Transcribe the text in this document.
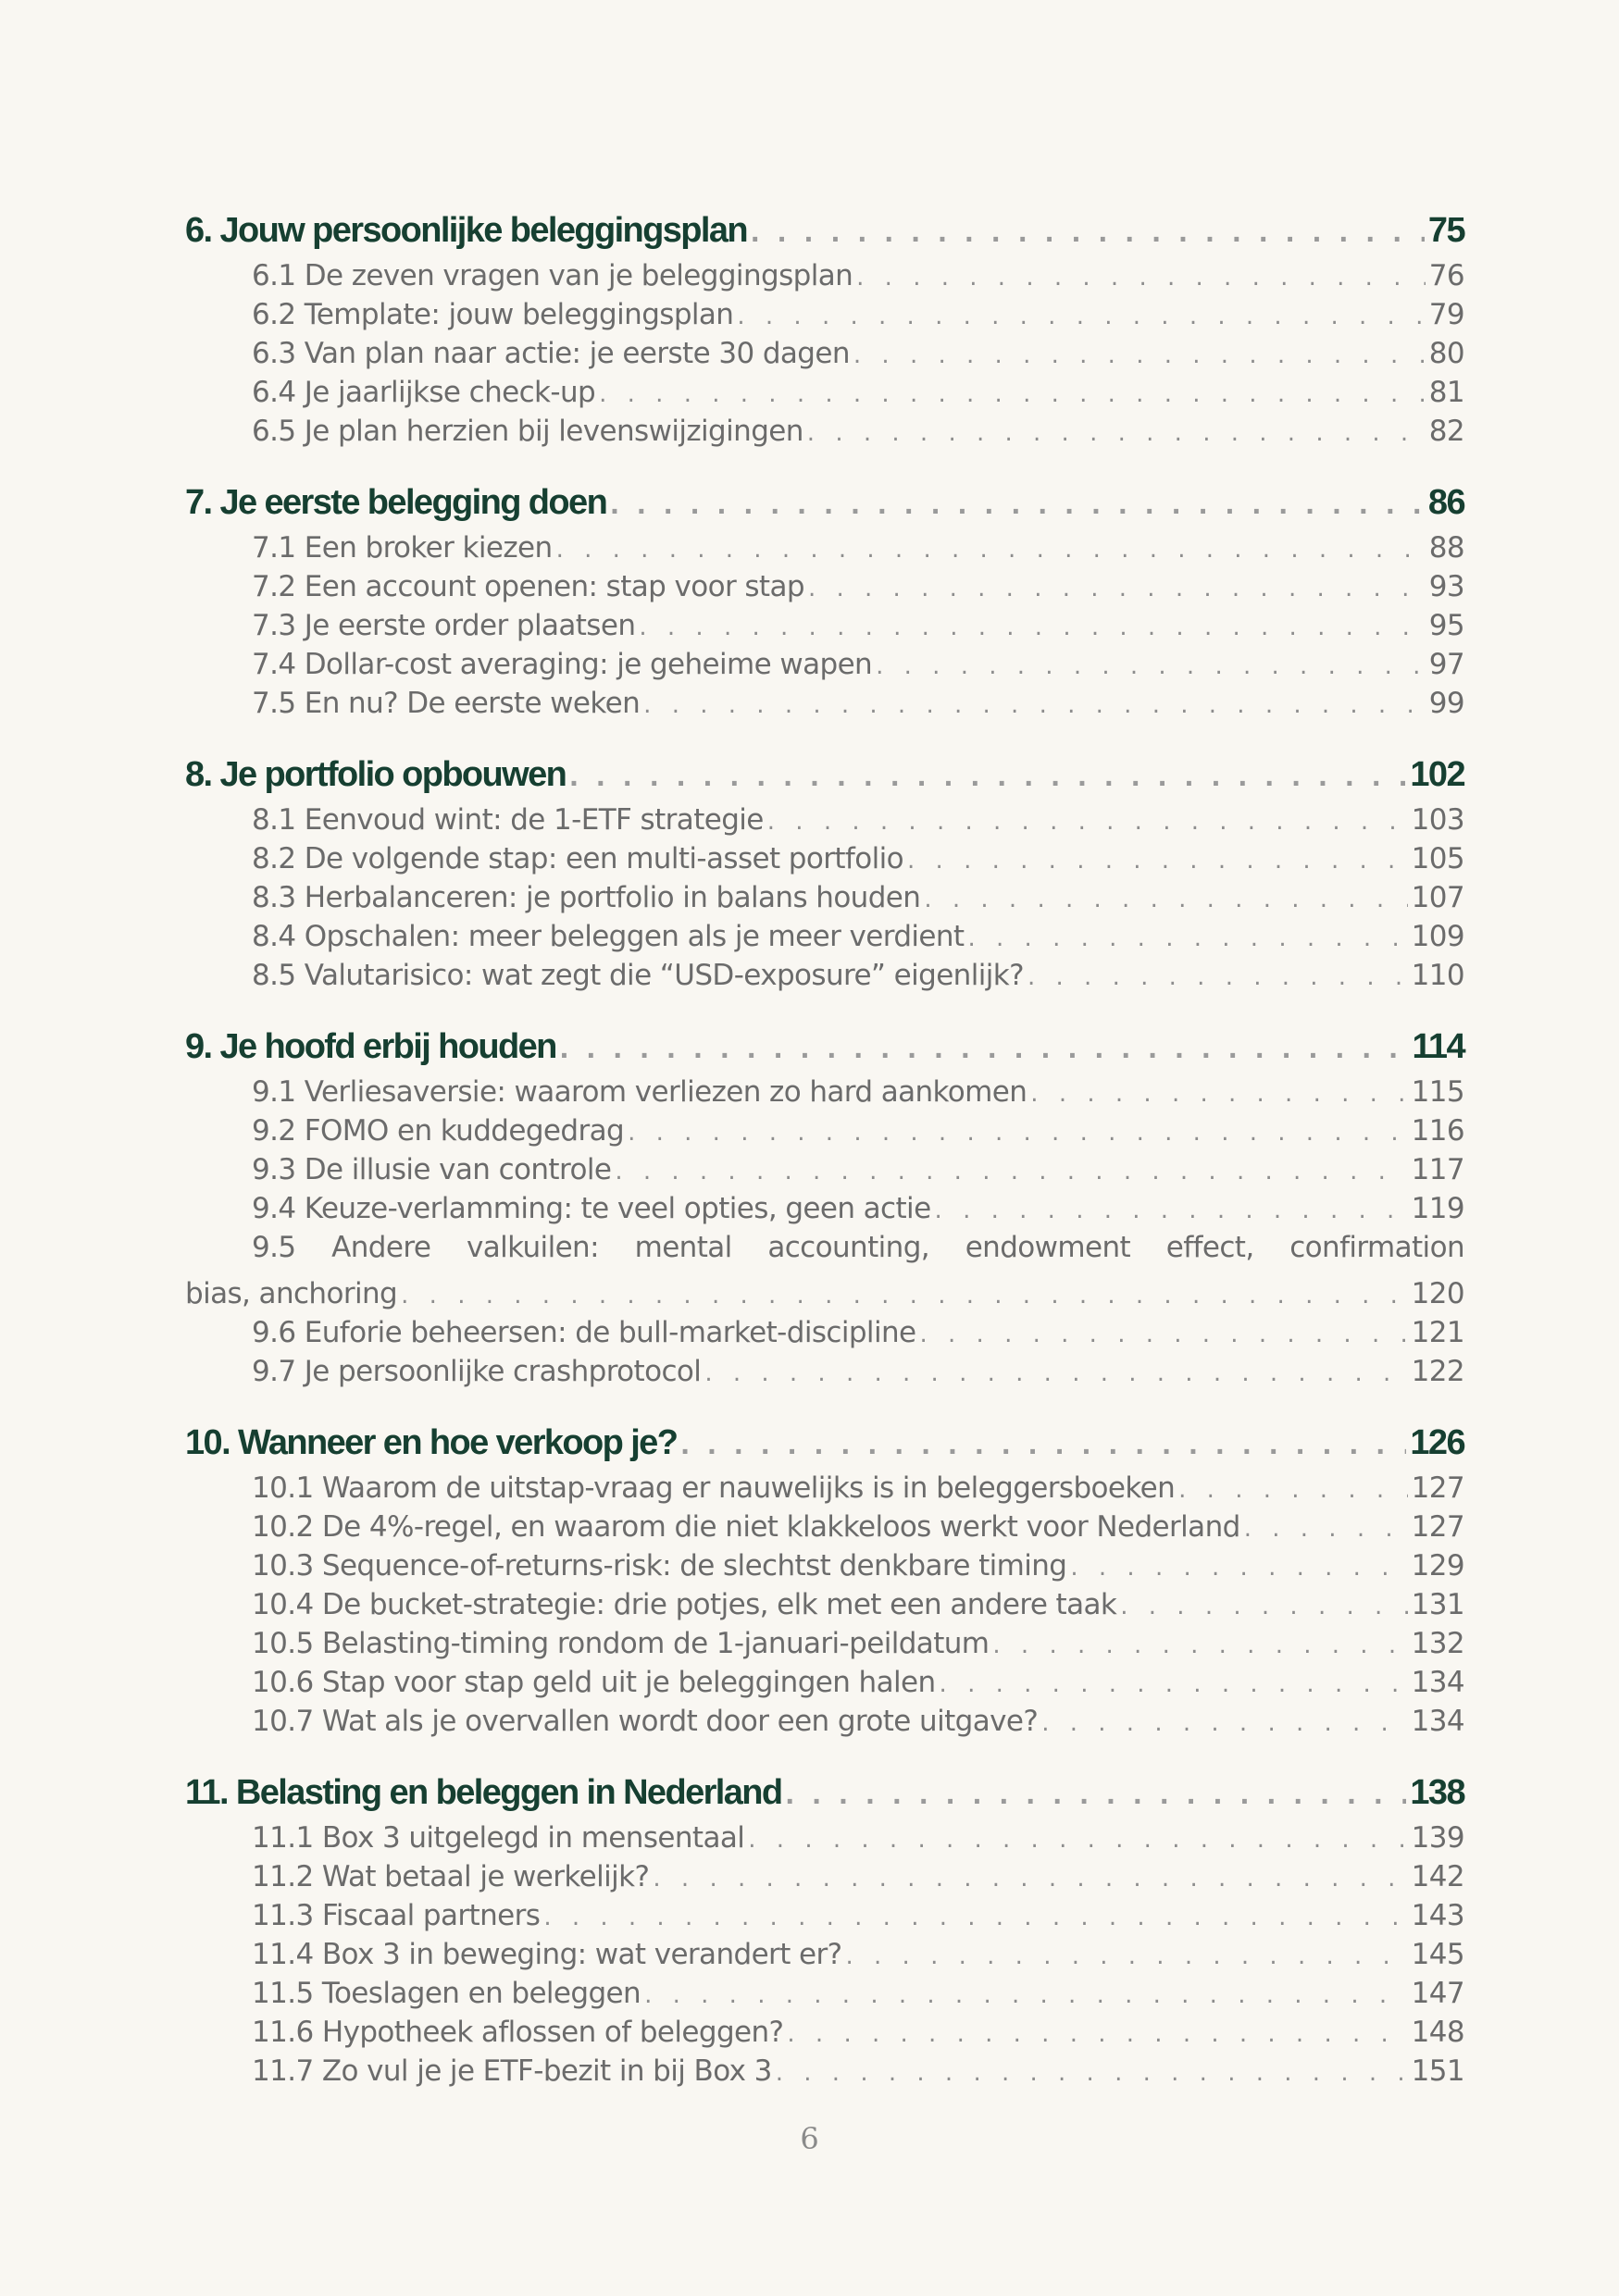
6. Jouw persoonlijke beleggingsplan . . .	75
6.1 De zeven vragen van je beleggingsplan . . .	76
6.2 Template: jouw beleggingsplan . . .	79
6.3 Van plan naar actie: je eerste 30 dagen . . .	80
6.4 Je jaarlijkse check-up . . .	81
6.5 Je plan herzien bij levenswijzigingen . . .	82
7. Je eerste belegging doen . . .	86
7.1 Een broker kiezen . . .	88
7.2 Een account openen: stap voor stap . . .	93
7.3 Je eerste order plaatsen . . .	95
7.4 Dollar-cost averaging: je geheime wapen . . .	97
7.5 En nu? De eerste weken . . .	99
8. Je portfolio opbouwen . . .	102
8.1 Eenvoud wint: de 1-ETF strategie . . .	103
8.2 De volgende stap: een multi-asset portfolio . . .	105
8.3 Herbalanceren: je portfolio in balans houden . . .	107
8.4 Opschalen: meer beleggen als je meer verdient . . .	109
8.5 Valutarisico: wat zegt die “USD-exposure” eigenlijk? . . .	110
9. Je hoofd erbij houden . . .	114
9.1 Verliesaversie: waarom verliezen zo hard aankomen . . .	115
9.2 FOMO en kuddegedrag . . .	116
9.3 De illusie van controle . . .	117
9.4 Keuze-verlamming: te veel opties, geen actie . . .	119
9.5 Andere valkuilen: mental accounting, endowment effect, confirmation
bias, anchoring . . .	120
9.6 Euforie beheersen: de bull-market-discipline . . .	121
9.7 Je persoonlijke crashprotocol . . .	122
10. Wanneer en hoe verkoop je? . . .	126
10.1 Waarom de uitstap-vraag er nauwelijks is in beleggersboeken . . .	127
10.2 De 4%-regel, en waarom die niet klakkeloos werkt voor Nederland . . .	127
10.3 Sequence-of-returns-risk: de slechtst denkbare timing . . .	129
10.4 De bucket-strategie: drie potjes, elk met een andere taak . . .	131
10.5 Belasting-timing rondom de 1-januari-peildatum . . .	132
10.6 Stap voor stap geld uit je beleggingen halen . . .	134
10.7 Wat als je overvallen wordt door een grote uitgave? . . .	134
11. Belasting en beleggen in Nederland . . .	138
11.1 Box 3 uitgelegd in mensentaal . . .	139
11.2 Wat betaal je werkelijk? . . .	142
11.3 Fiscaal partners . . .	143
11.4 Box 3 in beweging: wat verandert er? . . .	145
11.5 Toeslagen en beleggen . . .	147
11.6 Hypotheek aflossen of beleggen? . . .	148
11.7 Zo vul je je ETF-bezit in bij Box 3 . . .	151
6
